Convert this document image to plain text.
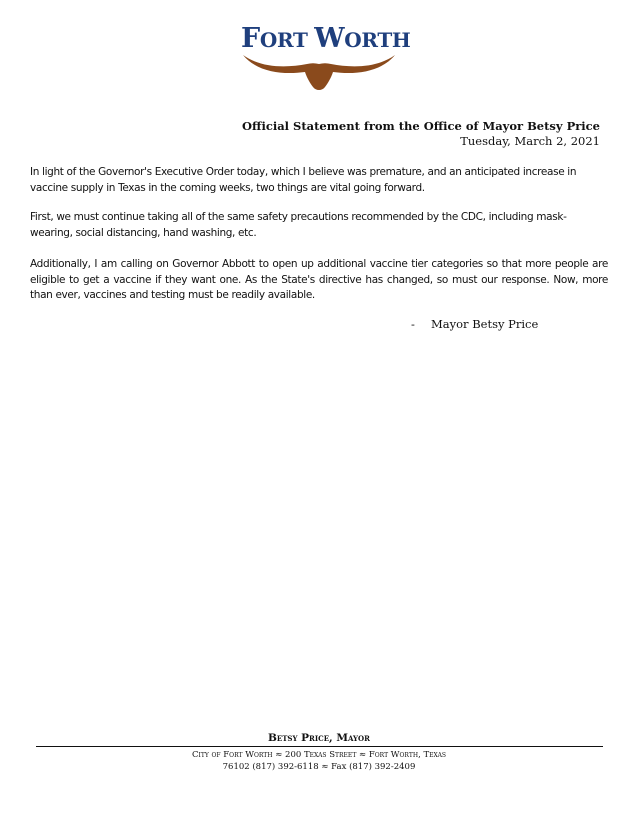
FORT WORTH
Official Statement from the Office of Mayor Betsy Price
Tuesday, March 2, 2021

In light of the Governor's Executive Order today, which I believe was premature, and an anticipated increase in vaccine supply in Texas in the coming weeks, two things are vital going forward.

First, we must continue taking all of the same safety precautions recommended by the CDC, including mask-wearing, social distancing, hand washing, etc.

Additionally, I am calling on Governor Abbott to open up additional vaccine tier categories so that more people are eligible to get a vaccine if they want one. As the State's directive has changed, so must our response. Now, more than ever, vaccines and testing must be readily available.

- Mayor Betsy Price
Betsy Price, Mayor
City of Fort Worth ≈ 200 Texas Street ≈ Fort Worth, Texas
76102 (817) 392-6118 ≈ Fax (817) 392-2409
